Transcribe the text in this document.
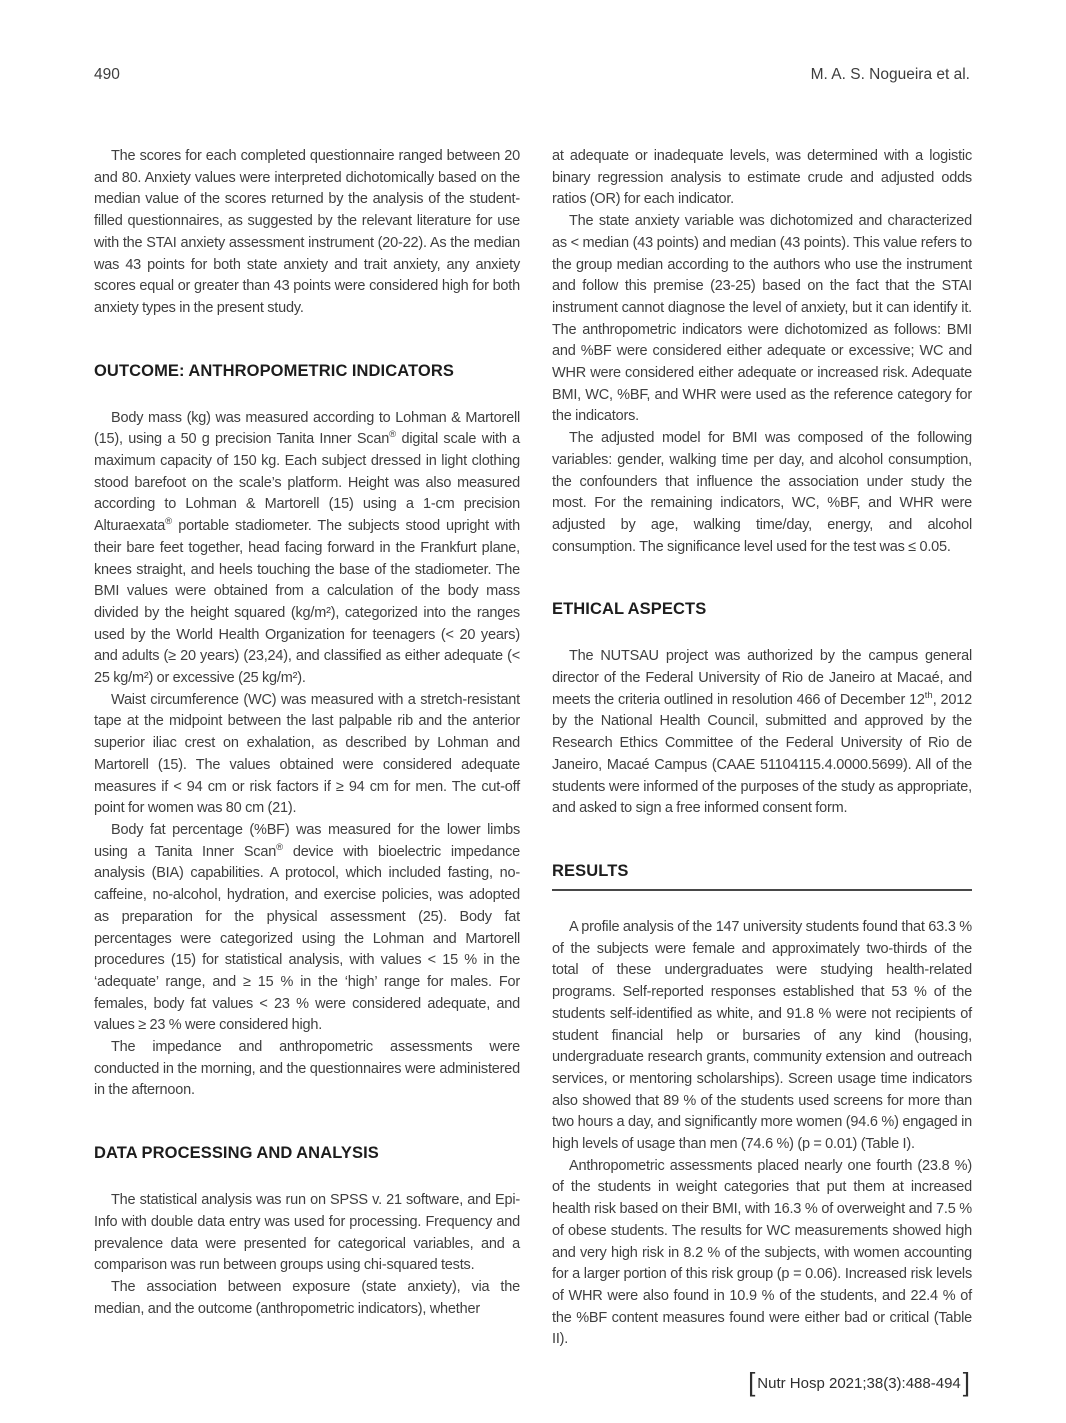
490	M. A. S. Nogueira et al.

The scores for each completed questionnaire ranged between 20 and 80. Anxiety values were interpreted dichotomically based on the median value of the scores returned by the analysis of the student-filled questionnaires, as suggested by the relevant literature for use with the STAI anxiety assessment instrument (20-22). As the median was 43 points for both state anxiety and trait anxiety, any anxiety scores equal or greater than 43 points were considered high for both anxiety types in the present study.

OUTCOME: ANTHROPOMETRIC INDICATORS

Body mass (kg) was measured according to Lohman & Martorell (15), using a 50 g precision Tanita Inner Scan® digital scale with a maximum capacity of 150 kg. Each subject dressed in light clothing stood barefoot on the scale’s platform. Height was also measured according to Lohman & Martorell (15) using a 1-cm precision Alturaexata® portable stadiometer. The subjects stood upright with their bare feet together, head facing forward in the Frankfurt plane, knees straight, and heels touching the base of the stadiometer. The BMI values were obtained from a calculation of the body mass divided by the height squared (kg/m²), categorized into the ranges used by the World Health Organization for teenagers (< 20 years) and adults (≥ 20 years) (23,24), and classified as either adequate (< 25 kg/m²) or excessive (25 kg/m²).

Waist circumference (WC) was measured with a stretch-resistant tape at the midpoint between the last palpable rib and the anterior superior iliac crest on exhalation, as described by Lohman and Martorell (15). The values obtained were considered adequate measures if < 94 cm or risk factors if ≥ 94 cm for men. The cut-off point for women was 80 cm (21).

Body fat percentage (%BF) was measured for the lower limbs using a Tanita Inner Scan® device with bioelectric impedance analysis (BIA) capabilities. A protocol, which included fasting, no-caffeine, no-alcohol, hydration, and exercise policies, was adopted as preparation for the physical assessment (25). Body fat percentages were categorized using the Lohman and Martorell procedures (15) for statistical analysis, with values < 15 % in the ‘adequate’ range, and ≥ 15 % in the ‘high’ range for males. For females, body fat values < 23 % were considered adequate, and values ≥ 23 % were considered high.

The impedance and anthropometric assessments were conducted in the morning, and the questionnaires were administered in the afternoon.

DATA PROCESSING AND ANALYSIS

The statistical analysis was run on SPSS v. 21 software, and Epi-Info with double data entry was used for processing. Frequency and prevalence data were presented for categorical variables, and a comparison was run between groups using chi-squared tests.

The association between exposure (state anxiety), via the median, and the outcome (anthropometric indicators), whether

at adequate or inadequate levels, was determined with a logistic binary regression analysis to estimate crude and adjusted odds ratios (OR) for each indicator.

The state anxiety variable was dichotomized and characterized as < median (43 points) and median (43 points). This value refers to the group median according to the authors who use the instrument and follow this premise (23-25) based on the fact that the STAI instrument cannot diagnose the level of anxiety, but it can identify it. The anthropometric indicators were dichotomized as follows: BMI and %BF were considered either adequate or excessive; WC and WHR were considered either adequate or increased risk. Adequate BMI, WC, %BF, and WHR were used as the reference category for the indicators.

The adjusted model for BMI was composed of the following variables: gender, walking time per day, and alcohol consumption, the confounders that influence the association under study the most. For the remaining indicators, WC, %BF, and WHR were adjusted by age, walking time/day, energy, and alcohol consumption. The significance level used for the test was ≤ 0.05.

ETHICAL ASPECTS

The NUTSAU project was authorized by the campus general director of the Federal University of Rio de Janeiro at Macaé, and meets the criteria outlined in resolution 466 of December 12th, 2012 by the National Health Council, submitted and approved by the Research Ethics Committee of the Federal University of Rio de Janeiro, Macaé Campus (CAAE 51104115.4.0000.5699). All of the students were informed of the purposes of the study as appropriate, and asked to sign a free informed consent form.

RESULTS

A profile analysis of the 147 university students found that 63.3 % of the subjects were female and approximately two-thirds of the total of these undergraduates were studying health-related programs. Self-reported responses established that 53 % of the students self-identified as white, and 91.8 % were not recipients of student financial help or bursaries of any kind (housing, undergraduate research grants, community extension and outreach services, or mentoring scholarships). Screen usage time indicators also showed that 89 % of the students used screens for more than two hours a day, and significantly more women (94.6 %) engaged in high levels of usage than men (74.6 %) (p = 0.01) (Table I).

Anthropometric assessments placed nearly one fourth (23.8 %) of the students in weight categories that put them at increased health risk based on their BMI, with 16.3 % of overweight and 7.5 % of obese students. The results for WC measurements showed high and very high risk in 8.2 % of the subjects, with women accounting for a larger portion of this risk group (p = 0.06). Increased risk levels of WHR were also found in 10.9 % of the students, and 22.4 % of the %BF content measures found were either bad or critical (Table II).

[ Nutr Hosp 2021;38(3):488-494 ]
